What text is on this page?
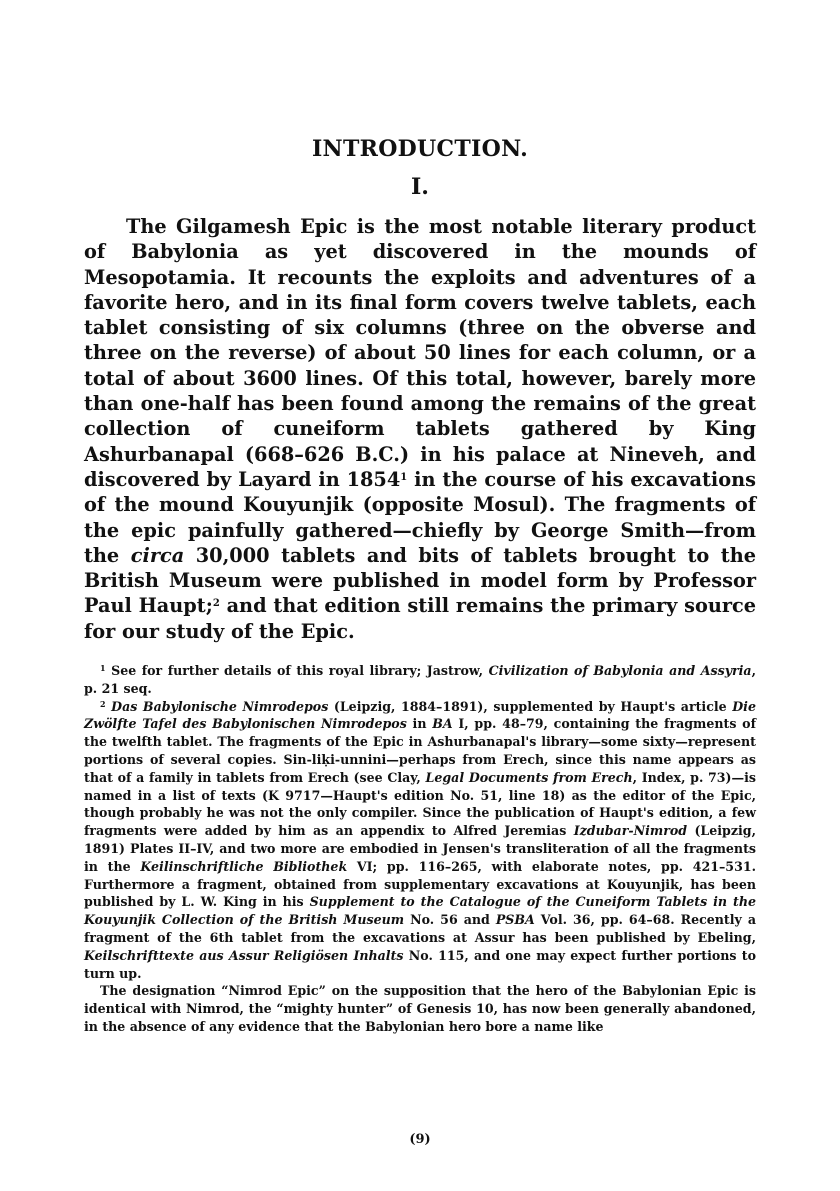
INTRODUCTION.
I.

The Gilgamesh Epic is the most notable literary product of Babylonia as yet discovered in the mounds of Mesopotamia. It recounts the exploits and adventures of a favorite hero, and in its final form covers twelve tablets, each tablet consisting of six columns (three on the obverse and three on the reverse) of about 50 lines for each column, or a total of about 3600 lines. Of this total, however, barely more than one-half has been found among the remains of the great collection of cuneiform tablets gathered by King Ashurbanapal (668–626 B.C.) in his palace at Nineveh, and discovered by Layard in 1854$^1$ in the course of his excavations of the mound Kouyunjik (opposite Mosul). The fragments of the epic painfully gathered—chiefly by George Smith—from the circa 30,000 tablets and bits of tablets brought to the British Museum were published in model form by Professor Paul Haupt;$^2$ and that edition still remains the primary source for our study of the Epic.

$^1$ See for further details of this royal library; Jastrow, Civilization of Babylonia and Assyria, p. 21 seq.

$^2$ Das Babylonische Nimrodepos (Leipzig, 1884–1891), supplemented by Haupt's article Die Zwölfte Tafel des Babylonischen Nimrodepos in BA I, pp. 48–79, containing the fragments of the twelfth tablet. The fragments of the Epic in Ashurbanapal's library—some sixty—represent portions of several copies. Sin-liḳi-unnini—perhaps from Erech, since this name appears as that of a family in tablets from Erech (see Clay, Legal Documents from Erech, Index, p. 73)—is named in a list of texts (K 9717—Haupt's edition No. 51, line 18) as the editor of the Epic, though probably he was not the only compiler. Since the publication of Haupt's edition, a few fragments were added by him as an appendix to Alfred Jeremias Izdubar-Nimrod (Leipzig, 1891) Plates II–IV, and two more are embodied in Jensen's transliteration of all the fragments in the Keilinschriftliche Bibliothek VI; pp. 116–265, with elaborate notes, pp. 421–531. Furthermore a fragment, obtained from supplementary excavations at Kouyunjik, has been published by L. W. King in his Supplement to the Catalogue of the Cuneiform Tablets in the Kouyunjik Collection of the British Museum No. 56 and PSBA Vol. 36, pp. 64–68. Recently a fragment of the 6th tablet from the excavations at Assur has been published by Ebeling, Keilschrifttexte aus Assur Religiösen Inhalts No. 115, and one may expect further portions to turn up.

The designation “Nimrod Epic” on the supposition that the hero of the Babylonian Epic is identical with Nimrod, the “mighty hunter” of Genesis 10, has now been generally abandoned, in the absence of any evidence that the Babylonian hero bore a name like

(9)
